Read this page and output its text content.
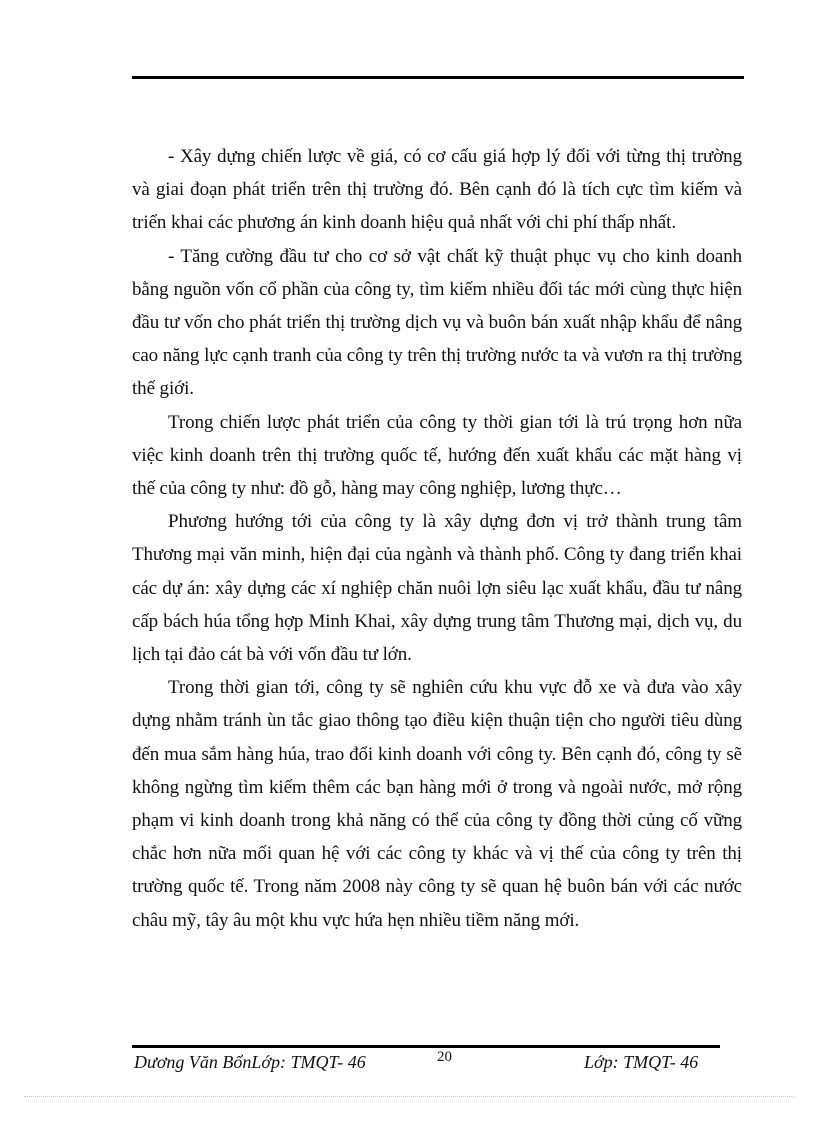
- Xây dựng chiến lược về giá, có cơ cấu giá hợp lý đối với từng thị trường và giai đoạn phát triển trên thị trường đó. Bên cạnh đó là tích cực tìm kiếm và triển khai các phương án kinh doanh hiệu quả nhất với chi phí thấp nhất.

- Tăng cường đầu tư cho cơ sở vật chất kỹ thuật phục vụ cho kinh doanh bằng nguồn vốn cổ phần của công ty, tìm kiếm nhiều đối tác mới cùng thực hiện đầu tư vốn cho phát triển thị trường dịch vụ và buôn bán xuất nhập khẩu để nâng cao năng lực cạnh tranh của công ty trên thị trường nước ta và vươn ra thị trường thế giới.

Trong chiến lược phát triển của công ty thời gian tới là trú trọng hơn nữa việc kinh doanh trên thị trường quốc tế, hướng đến xuất khẩu các mặt hàng vị thế của công ty như: đồ gỗ, hàng may công nghiệp, lương thực…

Phương hướng tới của công ty là xây dựng đơn vị trở thành trung tâm Thương mại văn minh, hiện đại của ngành và thành phố. Công ty đang triển khai các dự án: xây dựng các xí nghiệp chăn nuôi lợn siêu lạc xuất khẩu, đầu tư nâng cấp bách húa tổng hợp Minh Khai, xây dựng trung tâm Thương mại, dịch vụ, du lịch tại đảo cát bà với vốn đầu tư lớn.

Trong thời gian tới, công ty sẽ nghiên cứu khu vực đỗ xe và đưa vào xây dựng nhằm tránh ùn tắc giao thông tạo điều kiện thuận tiện cho người tiêu dùng đến mua sắm hàng húa, trao đổi kinh doanh với công ty. Bên cạnh đó, công ty sẽ không ngừng tìm kiếm thêm các bạn hàng mới ở trong và ngoài nước, mở rộng phạm vi kinh doanh trong khả năng có thể của công ty đồng thời củng cố vững chắc hơn nữa mối quan hệ với các công ty khác và vị thế của công ty trên thị trường quốc tế. Trong năm 2008 này công ty sẽ quan hệ buôn bán với các nước châu mỹ, tây âu một khu vực hứa hẹn nhiều tiềm năng mới.

Dương Văn BổnLớp: TMQT- 46	20	Lớp: TMQT- 46
